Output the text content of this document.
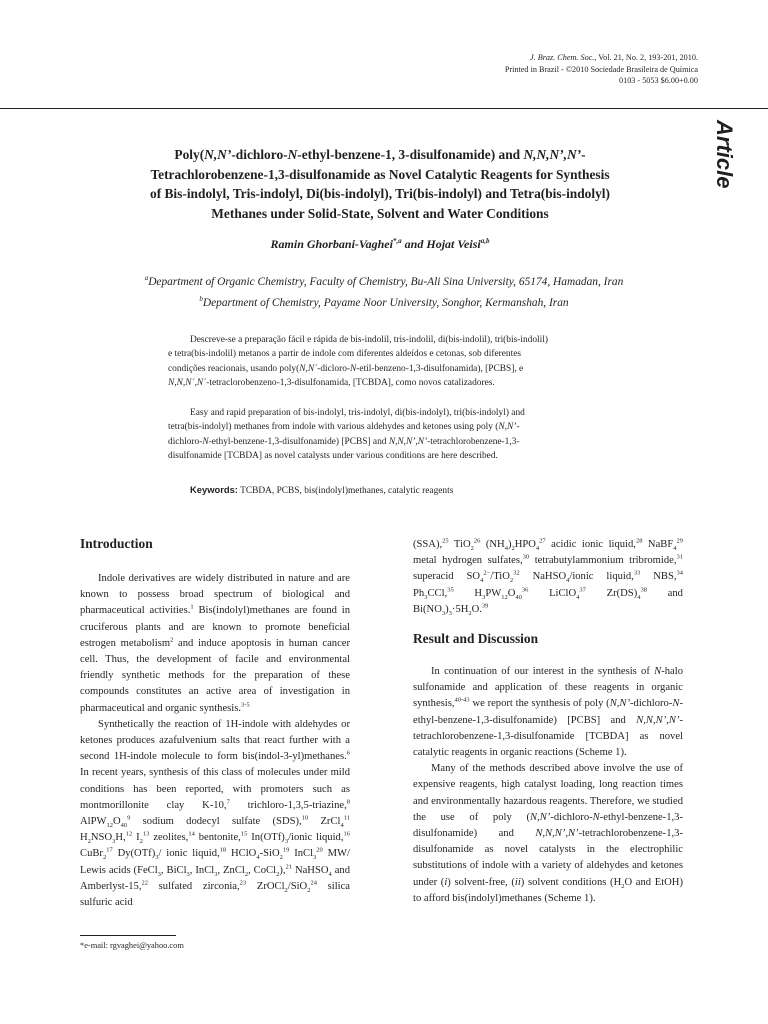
J. Braz. Chem. Soc., Vol. 21, No. 2, 193-201, 2010.
Printed in Brazil - ©2010 Sociedade Brasileira de Química
0103 - 5053 $6.00+0.00
Article
Poly(N,N’-dichloro-N-ethyl-benzene-1, 3-disulfonamide) and N,N,N’,N’-
Tetrachlorobenzene-1,3-disulfonamide as Novel Catalytic Reagents for Synthesis
of Bis-indolyl, Tris-indolyl, Di(bis-indolyl), Tri(bis-indolyl) and Tetra(bis-indolyl)
Methanes under Solid-State, Solvent and Water Conditions
Ramin Ghorbani-Vaghei$^{*,a}$ and Hojat Veisi$^{a,b}$
$^a$Department of Organic Chemistry, Faculty of Chemistry, Bu-Ali Sina University, 65174, Hamadan, Iran
$^b$Department of Chemistry, Payame Noor University, Songhor, Kermanshah, Iran
Descreve-se a preparação fácil e rápida de bis-indolil, tris-indolil, di(bis-indolil), tri(bis-indolil)
e tetra(bis-indolil) metanos a partir de indole com diferentes aldeídos e cetonas, sob diferentes
condições reacionais, usando poly(N,N´-dicloro-N-etil-benzeno-1,3-disulfonamida), [PCBS], e
N,N,N´,N´-tetraclorobenzeno-1,3-disulfonamida, [TCBDA], como novos catalizadores.
Easy and rapid preparation of bis-indolyl, tris-indolyl, di(bis-indolyl), tri(bis-indolyl) and
tetra(bis-indolyl) methanes from indole with various aldehydes and ketones using poly (N,N’-
dichloro-N-ethyl-benzene-1,3-disulfonamide) [PCBS] and N,N,N’,N’-tetrachlorobenzene-1,3-
disulfonamide [TCBDA] as novel catalysts under various conditions are here described.
Keywords: TCBDA, PCBS, bis(indolyl)methanes, catalytic reagents
Introduction

Indole derivatives are widely distributed in nature and are known to possess broad spectrum of biological and pharmaceutical activities.$^1$ Bis(indolyl)methanes are found in cruciferous plants and are known to promote beneficial estrogen metabolism$^2$ and induce apoptosis in human cancer cell. Thus, the development of facile and environmental friendly synthetic methods for the preparation of these compounds constitutes an active area of investigation in pharmaceutical and organic synthesis.$^{3-5}$

Synthetically the reaction of 1H-indole with aldehydes or ketones produces azafulvenium salts that react further with a second 1H-indole molecule to form bis(indol-3-yl)methanes.$^6$ In recent years, synthesis of this class of molecules under mild conditions has been reported, with promoters such as montmorillonite clay K-10,$^7$ trichloro-1,3,5-triazine,$^8$ $AlPW_{12}O_{40}^9$ sodium dodecyl sulfate (SDS),$^{10}$ ZrCl$_4^{11}$ $H_2NSO_3H,^{12}$ $I_2^{13}$ zeolites,$^{14}$ bentonite,$^{15}$ $In(OTf)_3$/ionic liquid,$^{16}$ CuBr$_2^{17}$ $Dy(OTf)_3/$ ionic liquid,$^{18}$ HClO$_4$-SiO$_2^{19}$ InCl$_3^{20}$ MW/ Lewis acids (FeCl$_3$, BiCl$_3$, InCl$_3$, ZnCl$_2$, CoCl$_2$),$^{21}$ NaHSO$_4$ and Amberlyst-15,22 sulfated zirconia,$^{23}$ ZrOCl$_2$/SiO$_2^{24}$ silica sulfuric acid

(SSA),$^{25}$ TiO$_2^{26}$ $(NH_4)_2HPO_4^{27}$ acidic ionic liquid,$^{28}$ NaBF$_4^{29}$ metal hydrogen sulfates,$^{30}$ tetrabutylammonium tribromide,$^{31}$ superacid $SO_4^{2-}/TiO_2^{32}$ NaHSO$_4$/ionic liquid,$^{33}$ NBS,$^{34}$ $Ph_3CCl,^{35}$ $H_3PW_{12}O_{40}^{36}$ LiClO$_4^{37}$ $Zr(DS)_4^{38}$ and $Bi(NO_3)_3\cdot 5H_2O.^{39}$
Result and Discussion

In continuation of our interest in the synthesis of N-halo sulfonamide and application of these reagents in organic synthesis,$^{40-43}$ we report the synthesis of poly (N,N’-dichloro-N-ethyl-benzene-1,3-disulfonamide) [PCBS] and N,N,N’,N’-tetrachlorobenzene-1,3-disulfonamide [TCBDA] as novel catalytic reagents in organic reactions (Scheme 1).

Many of the methods described above involve the use of expensive reagents, high catalyst loading, long reaction times and environmentally hazardous reagents. Therefore, we studied the use of poly (N,N’-dichloro-N-ethyl-benzene-1,3-disulfonamide) and N,N,N’,N’-tetrachlorobenzene-1,3-disulfonamide as novel catalysts in the electrophilic substitutions of indole with a variety of aldehydes and ketones under (i) solvent-free, (ii) solvent conditions ($H_2O$ and EtOH) to afford bis(indolyl)methanes (Scheme 1).

*e-mail: rgvaghei@yahoo.com
